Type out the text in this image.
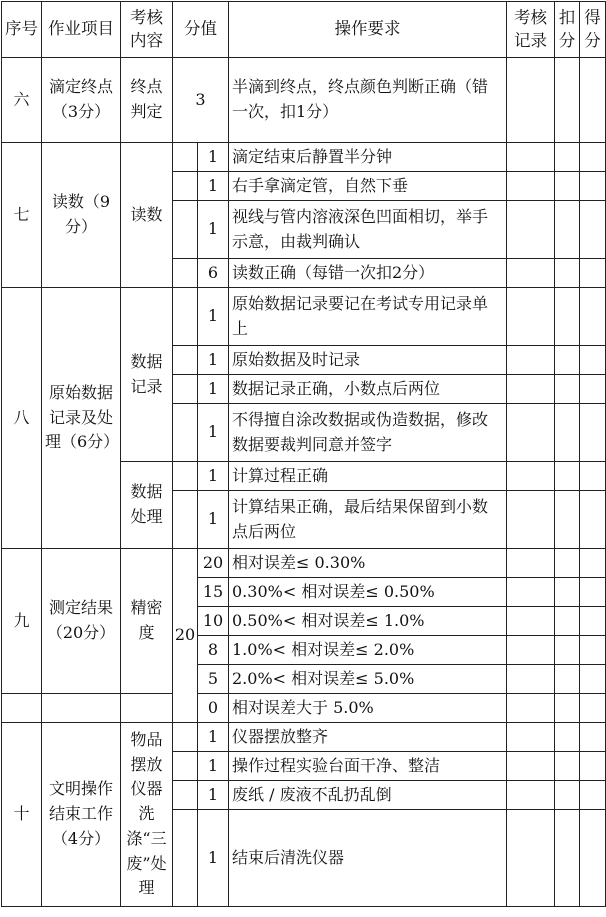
序号	作业项目	考核内容	分值		操作要求	考核记录	扣分	得分
六	滴定终点（3分）	终点判定	3		半滴到终点，终点颜色判断正确（错一次，扣1分）			
七	读数（9分）	读数		1	滴定结束后静置半分钟			
				1	右手拿滴定管，自然下垂			
				1	视线与管内溶液深色凹面相切，举手示意，由裁判确认			
				6	读数正确（每错一次扣2分）			
八	原始数据记录及处理（6分）	数据记录		1	原始数据记录要记在考试专用记录单上			
				1	原始数据及时记录			
				1	数据记录正确，小数点后两位			
				1	不得擅自涂改数据或伪造数据，修改数据要裁判同意并签字			
		数据处理		1	计算过程正确			
				1	计算结果正确，最后结果保留到小数点后两位			
九	测定结果（20分）	精密度	20	20	相对误差≤ 0.30%			
				15	0.30%< 相对误差≤ 0.50%			
				10	0.50%< 相对误差≤ 1.0%			
				8	1.0%< 相对误差≤ 2.0%			
				5	2.0%< 相对误差≤ 5.0%			
				0	相对误差大于 5.0%			
十	文明操作结束工作（4分）	物品摆放仪器洗涤“三废”处理		1	仪器摆放整齐			
				1	操作过程实验台面干净、整洁			
				1	废纸 / 废液不乱扔乱倒			
				1	结束后清洗仪器			
